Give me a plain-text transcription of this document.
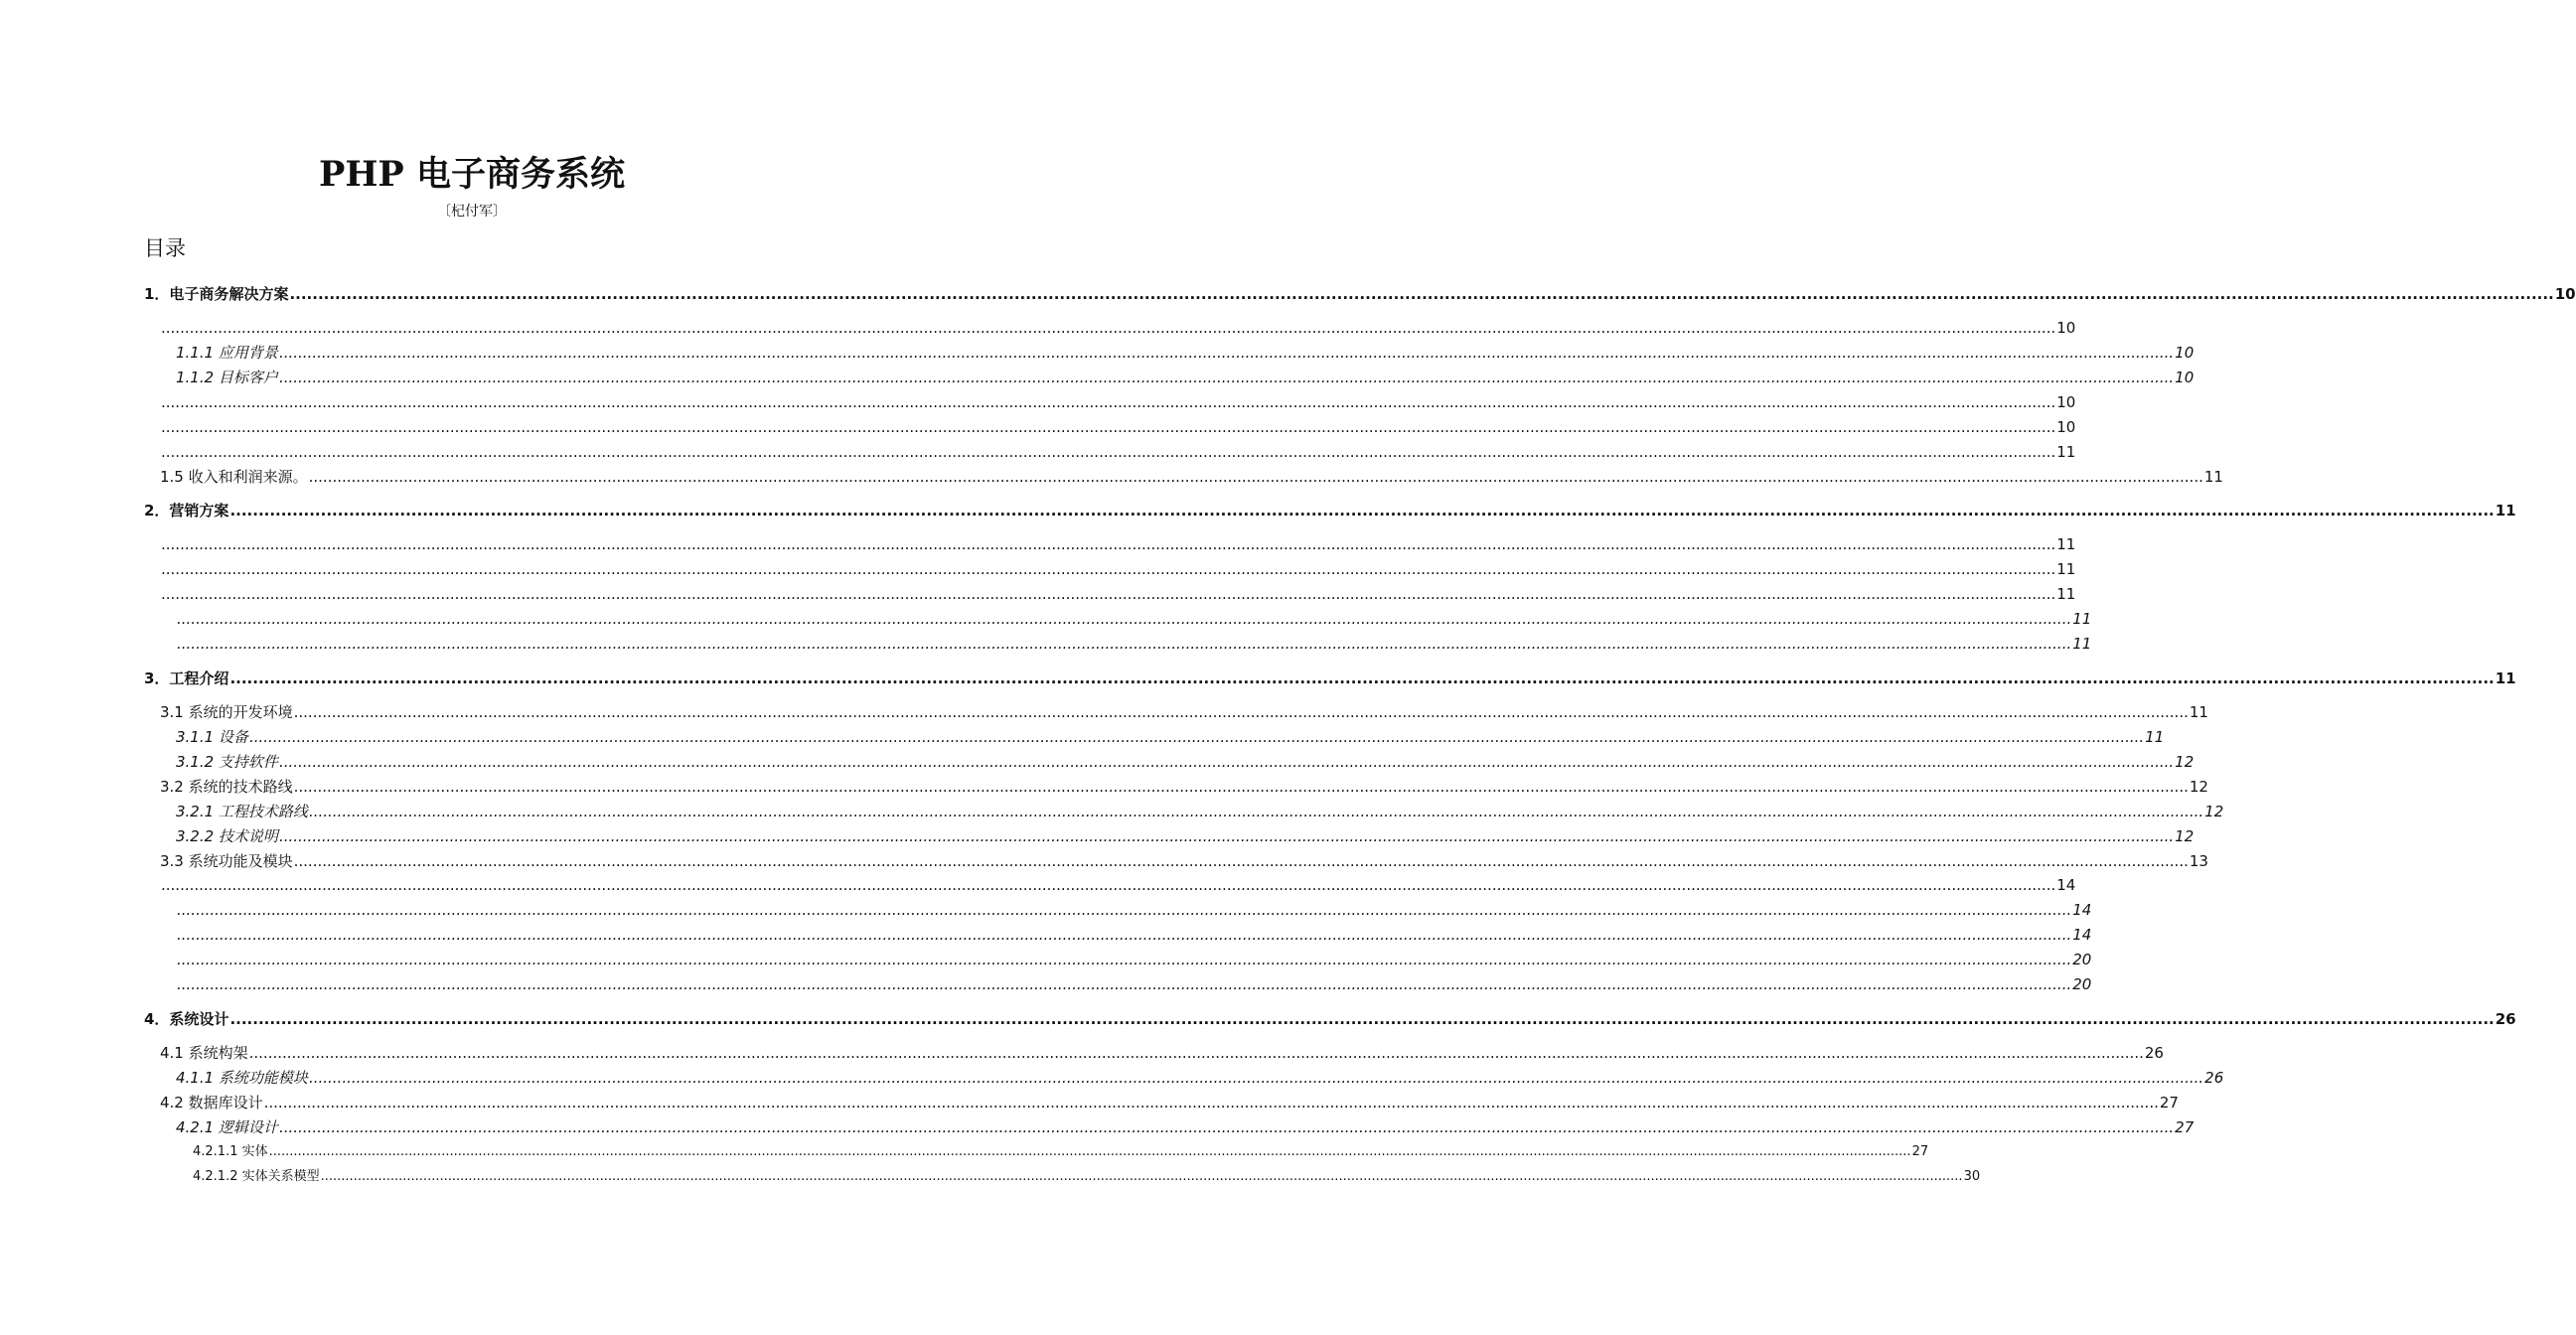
PHP 电子商务系统
〔杞付军〕
目录
1．电子商务解决方案 ................................................................................................................................................................................................................................................................................................................................................................................................................ 10
................................................................................................................................................................................................................................................................................................................................................................................................................ 10
1.1.1 应用背景 ................................................................................................................................................................................................................................................................................................................................................................................................................ 10
1.1.2 目标客户 ................................................................................................................................................................................................................................................................................................................................................................................................................ 10
................................................................................................................................................................................................................................................................................................................................................................................................................ 10
................................................................................................................................................................................................................................................................................................................................................................................................................ 10
................................................................................................................................................................................................................................................................................................................................................................................................................ 11
1.5 收入和利润来源。 ................................................................................................................................................................................................................................................................................................................................................................................................................ 11
2．营销方案 ................................................................................................................................................................................................................................................................................................................................................................................................................ 11
................................................................................................................................................................................................................................................................................................................................................................................................................ 11
................................................................................................................................................................................................................................................................................................................................................................................................................ 11
................................................................................................................................................................................................................................................................................................................................................................................................................ 11
................................................................................................................................................................................................................................................................................................................................................................................................................ 11
................................................................................................................................................................................................................................................................................................................................................................................................................ 11
3．工程介绍 ................................................................................................................................................................................................................................................................................................................................................................................................................ 11
3.1 系统的开发环境 ................................................................................................................................................................................................................................................................................................................................................................................................................ 11
3.1.1 设备 ................................................................................................................................................................................................................................................................................................................................................................................................................ 11
3.1.2 支持软件 ................................................................................................................................................................................................................................................................................................................................................................................................................ 12
3.2 系统的技术路线 ................................................................................................................................................................................................................................................................................................................................................................................................................ 12
3.2.1 工程技术路线 ................................................................................................................................................................................................................................................................................................................................................................................................................ 12
3.2.2 技术说明 ................................................................................................................................................................................................................................................................................................................................................................................................................ 12
3.3 系统功能及模块 ................................................................................................................................................................................................................................................................................................................................................................................................................ 13
................................................................................................................................................................................................................................................................................................................................................................................................................ 14
................................................................................................................................................................................................................................................................................................................................................................................................................ 14
................................................................................................................................................................................................................................................................................................................................................................................................................ 14
................................................................................................................................................................................................................................................................................................................................................................................................................ 20
................................................................................................................................................................................................................................................................................................................................................................................................................ 20
4．系统设计 ................................................................................................................................................................................................................................................................................................................................................................................................................ 26
4.1 系统构架 ................................................................................................................................................................................................................................................................................................................................................................................................................ 26
4.1.1 系统功能模块 ................................................................................................................................................................................................................................................................................................................................................................................................................ 26
4.2 数据库设计 ................................................................................................................................................................................................................................................................................................................................................................................................................ 27
4.2.1 逻辑设计 ................................................................................................................................................................................................................................................................................................................................................................................................................ 27
4.2.1.1 实体 ................................................................................................................................................................................................................................................................................................................................................................................................................ 27
4.2.1.2 实体关系模型 ................................................................................................................................................................................................................................................................................................................................................................................................................ 30
